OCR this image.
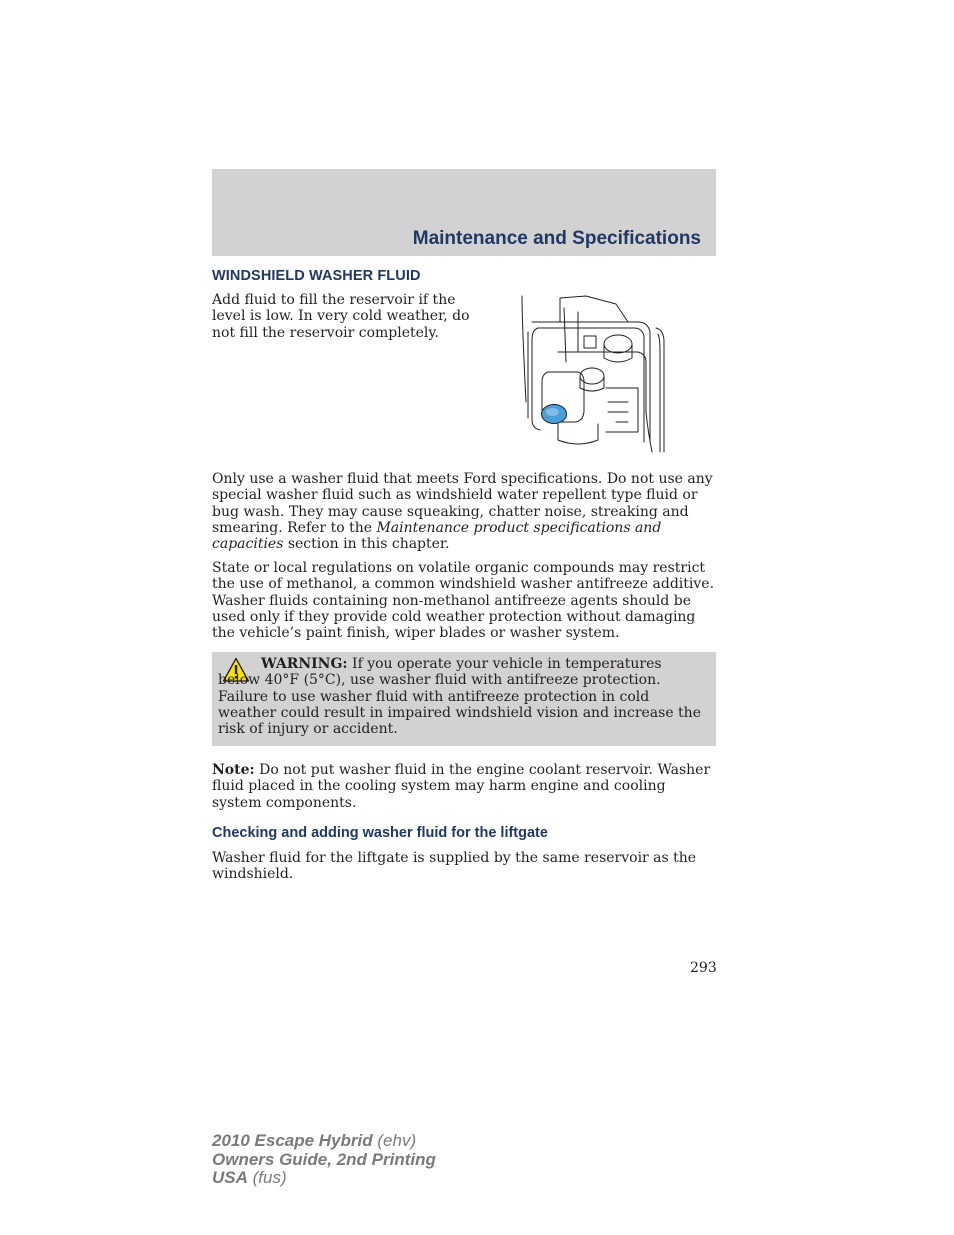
Maintenance and Specifications
WINDSHIELD WASHER FLUID
Add fluid to fill the reservoir if the level is low. In very cold weather, do not fill the reservoir completely.
Only use a washer fluid that meets Ford specifications. Do not use any special washer fluid such as windshield water repellent type fluid or bug wash. They may cause squeaking, chatter noise, streaking and smearing. Refer to the Maintenance product specifications and capacities section in this chapter.
State or local regulations on volatile organic compounds may restrict the use of methanol, a common windshield washer antifreeze additive. Washer fluids containing non-methanol antifreeze agents should be used only if they provide cold weather protection without damaging the vehicle’s paint finish, wiper blades or washer system.
WARNING: If you operate your vehicle in temperatures below 40°F (5°C), use washer fluid with antifreeze protection. Failure to use washer fluid with antifreeze protection in cold weather could result in impaired windshield vision and increase the risk of injury or accident.
Note: Do not put washer fluid in the engine coolant reservoir. Washer fluid placed in the cooling system may harm engine and cooling system components.
Checking and adding washer fluid for the liftgate
Washer fluid for the liftgate is supplied by the same reservoir as the windshield.
293
2010 Escape Hybrid (ehv)
Owners Guide, 2nd Printing
USA (fus)
